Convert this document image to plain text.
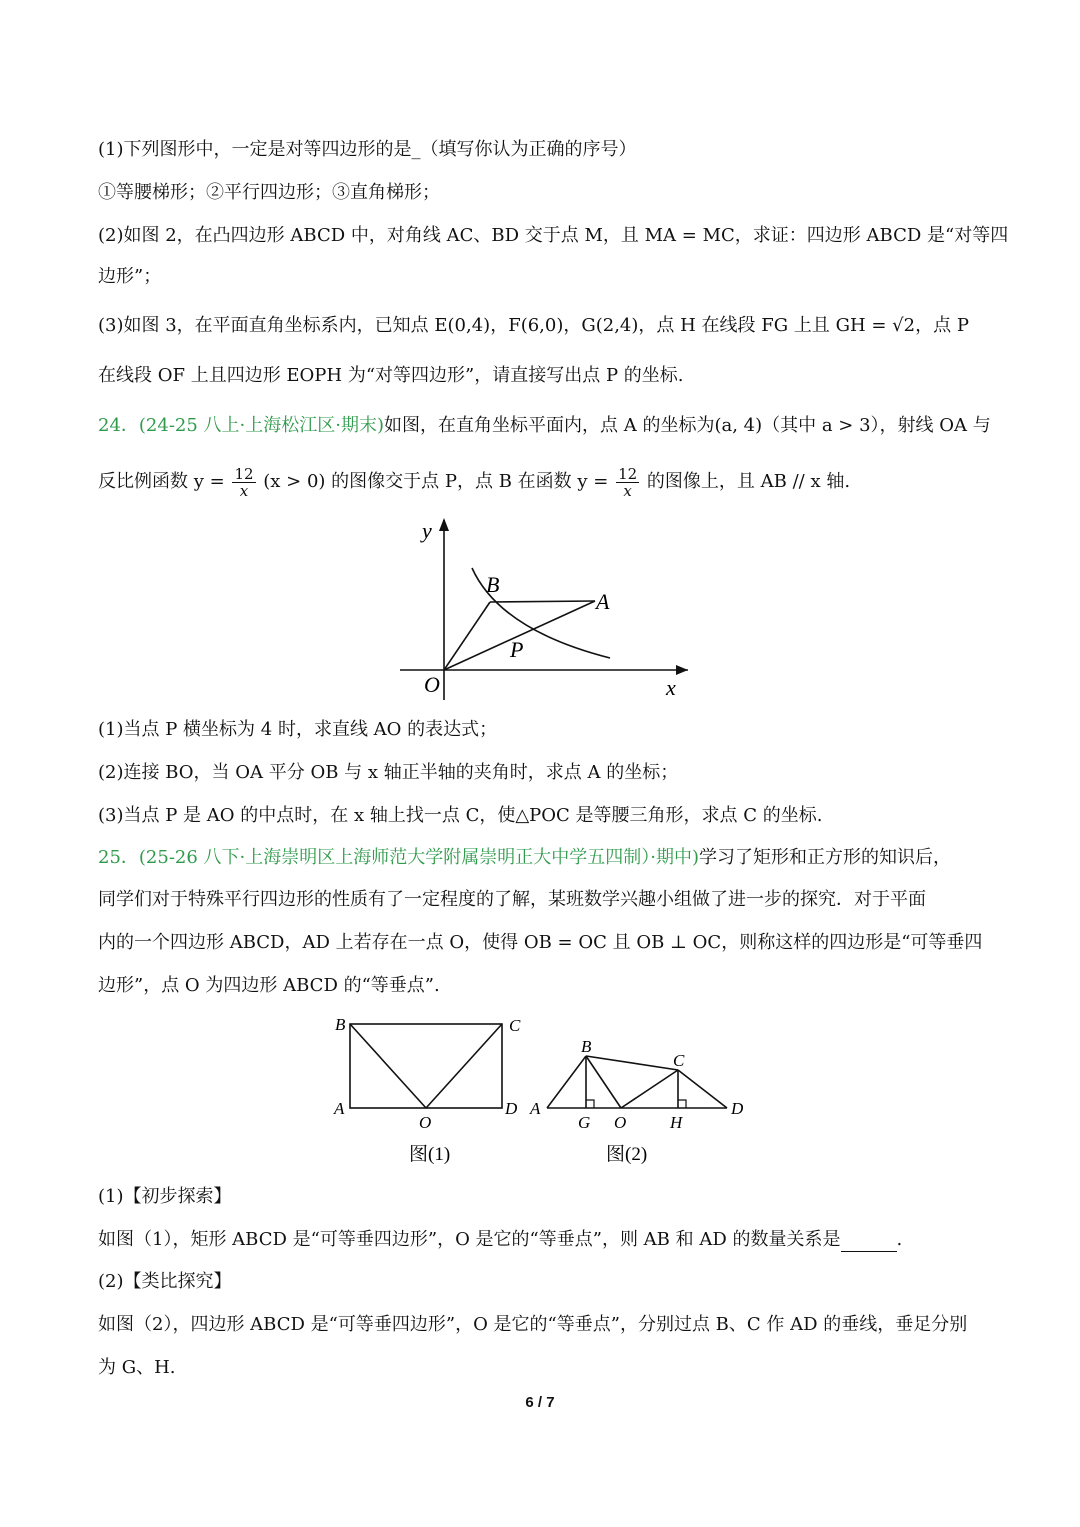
(1)下列图形中，一定是对等四边形的是_（填写你认为正确的序号）
①等腰梯形；②平行四边形；③直角梯形；
(2)如图 2，在凸四边形 ABCD 中，对角线 AC、BD 交于点 M，且 MA = MC，求证：四边形 ABCD 是“对等四
边形”；
(3)如图 3，在平面直角坐标系内，已知点 E(0,4)，F(6,0)，G(2,4)，点 H 在线段 FG 上且 GH = √2，点 P
在线段 OF 上且四边形 EOPH 为“对等四边形”，请直接写出点 P 的坐标.
24．(24-25 八上·上海松江区·期末)如图，在直角坐标平面内，点 A 的坐标为(a, 4)（其中 a > 3），射线 OA 与
反比例函数 $y = \frac{12}{x} (x > 0)$ 的图像交于点 P，点 B 在函数 $y = \frac{12}{x}$ 的图像上，且 AB // x 轴.
y
x
O
A
B
P
(1)当点 P 横坐标为 4 时，求直线 AO 的表达式；
(2)连接 BO，当 OA 平分 OB 与 x 轴正半轴的夹角时，求点 A 的坐标；
(3)当点 P 是 AO 的中点时，在 x 轴上找一点 C，使△POC 是等腰三角形，求点 C 的坐标.
25．(25-26 八下·上海崇明区上海师范大学附属崇明正大中学五四制）·期中)学习了矩形和正方形的知识后，
同学们对于特殊平行四边形的性质有了一定程度的了解，某班数学兴趣小组做了进一步的探究．对于平面
内的一个四边形 ABCD，AD 上若存在一点 O，使得 OB = OC 且 OB ⊥ OC，则称这样的四边形是“可等垂四
边形”，点 O 为四边形 ABCD 的“等垂点”.
B	C
A	D
O
图(1)
A
B
C
D
G O	H
图(2)
(1)【初步探索】
如图（1），矩形 ABCD 是“可等垂四边形”，O 是它的“等垂点”，则 AB 和 AD 的数量关系是	.
(2)【类比探究】
如图（2），四边形 ABCD 是“可等垂四边形”，O 是它的“等垂点”，分别过点 B、C 作 AD 的垂线，垂足分别
为 G、H.
6 / 7
